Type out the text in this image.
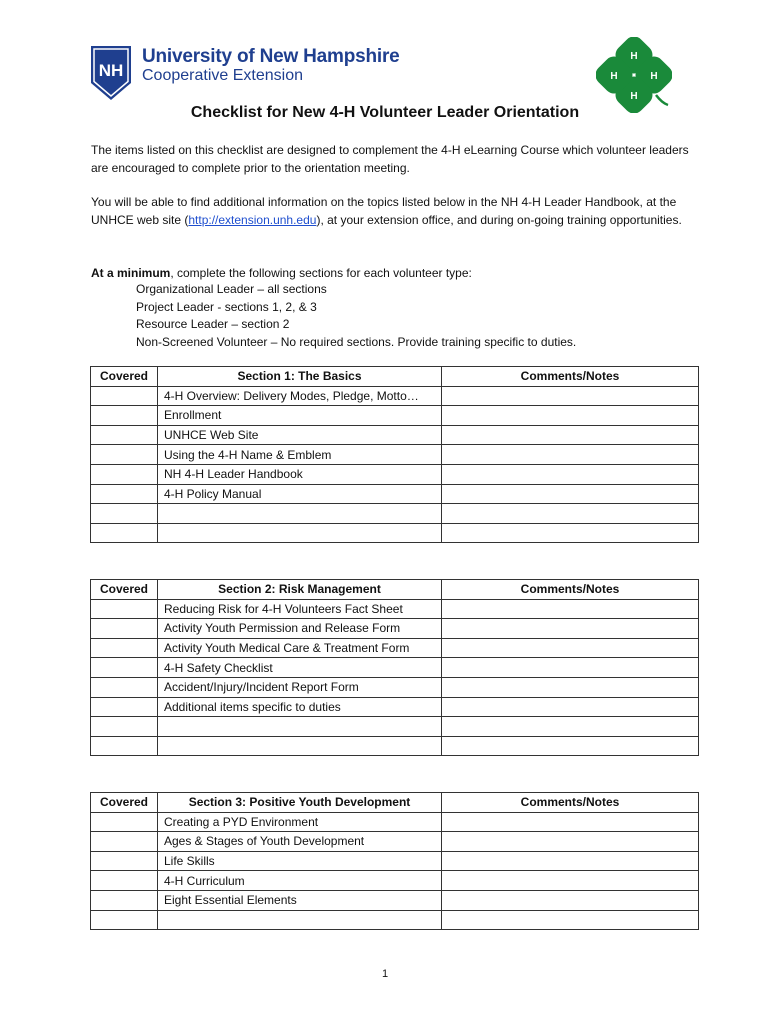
NH
University of New Hampshire
Cooperative Extension
H
H
H
H
Checklist for New 4-H Volunteer Leader Orientation

The items listed on this checklist are designed to complement the 4-H eLearning Course which volunteer leaders are encouraged to complete prior to the orientation meeting.

You will be able to find additional information on the topics listed below in the NH 4-H Leader Handbook, at the UNHCE web site (http://extension.unh.edu), at your extension office, and during on-going training opportunities.

At a minimum, complete the following sections for each volunteer type:
Organizational Leader – all sections
Project Leader - sections 1, 2, & 3
Resource Leader – section 2
Non-Screened Volunteer – No required sections. Provide training specific to duties.
Covered	Section 1: The Basics	Comments/Notes
	4-H Overview: Delivery Modes, Pledge, Motto…	
	Enrollment	
	UNHCE Web Site	
	Using the 4-H Name & Emblem	
	NH 4-H Leader Handbook	
	4-H Policy Manual	

Covered	Section 2: Risk Management	Comments/Notes
	Reducing Risk for 4-H Volunteers Fact Sheet	
	Activity Youth Permission and Release Form	
	Activity Youth Medical Care & Treatment Form	
	4-H Safety Checklist	
	Accident/Injury/Incident Report Form	
	Additional items specific to duties	

Covered	Section 3: Positive Youth Development	Comments/Notes
	Creating a PYD Environment	
	Ages & Stages of Youth Development	
	Life Skills	
	4-H Curriculum	
	Eight Essential Elements	

1
